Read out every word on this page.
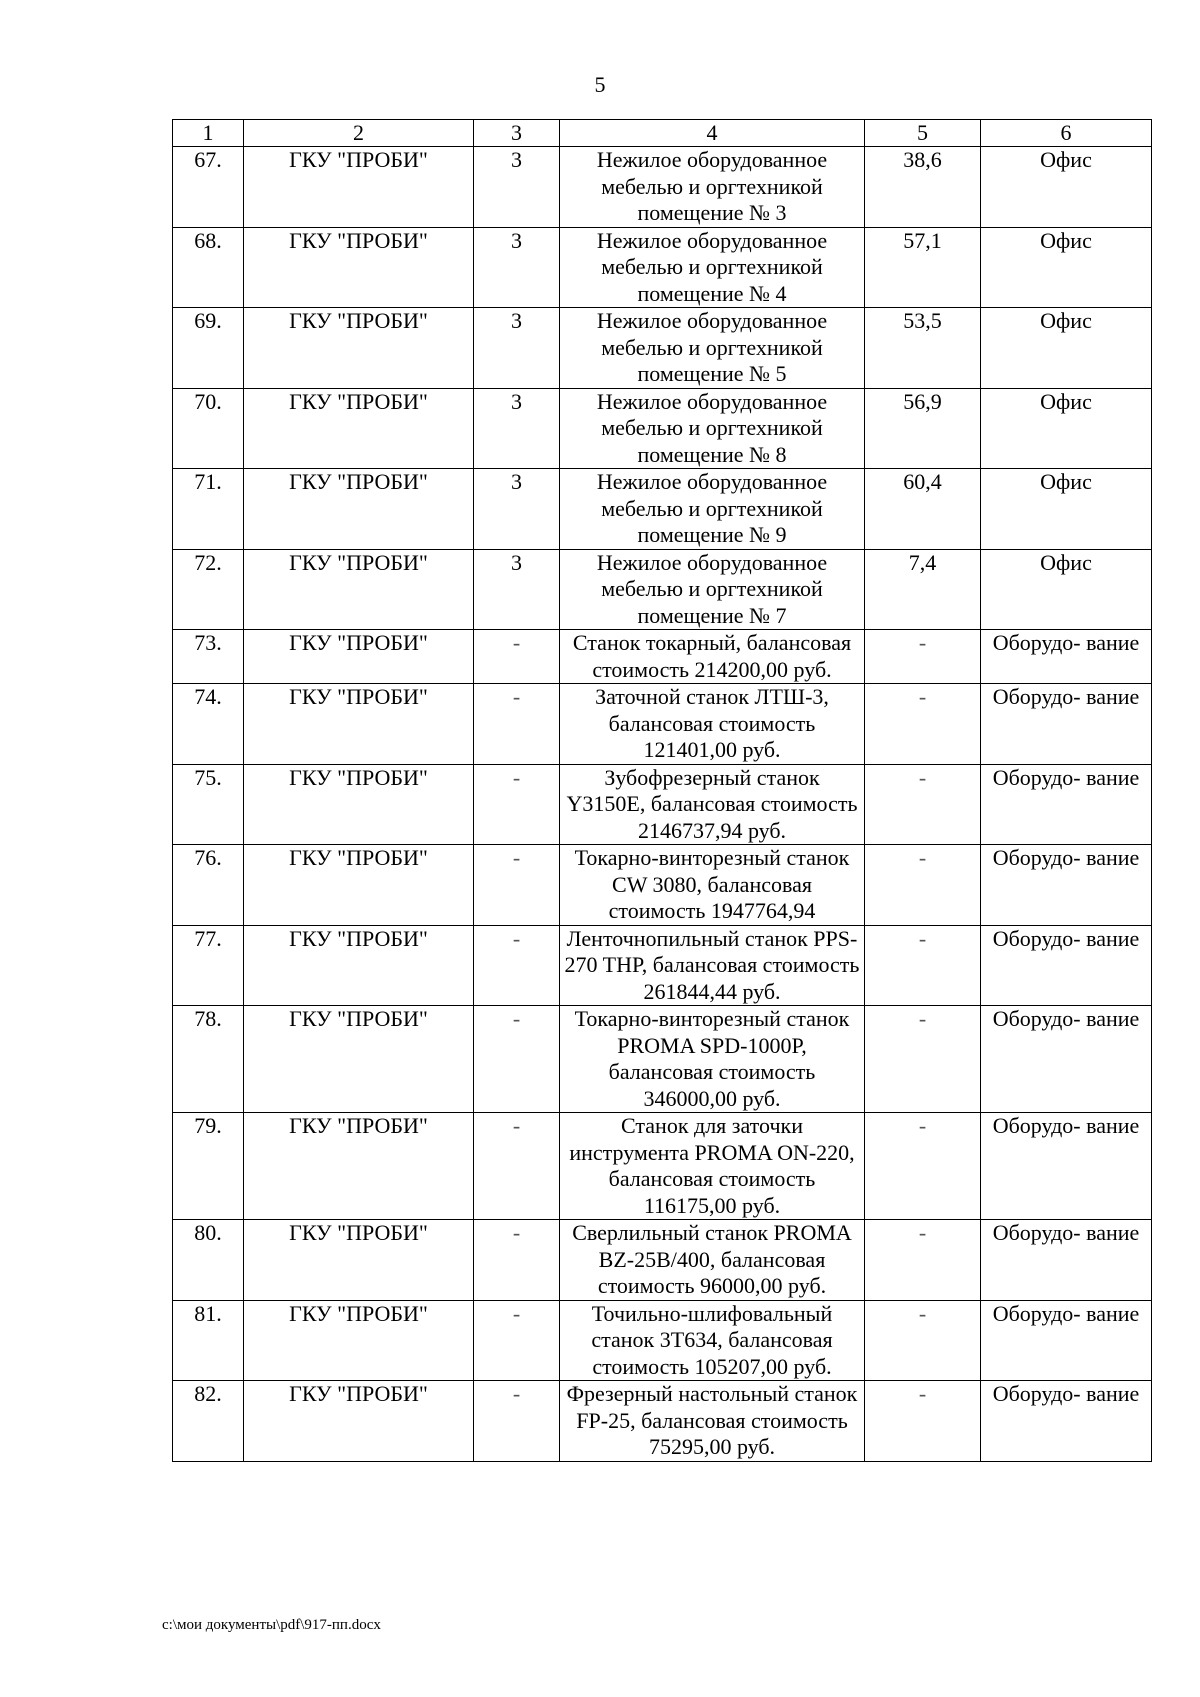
5
1	2	3	4	5	6
67.	ГКУ "ПРОБИ"	3	Нежилое оборудованное мебелью и оргтехникой помещение № 3	38,6	Офис
68.	ГКУ "ПРОБИ"	3	Нежилое оборудованное мебелью и оргтехникой помещение № 4	57,1	Офис
69.	ГКУ "ПРОБИ"	3	Нежилое оборудованное мебелью и оргтехникой помещение № 5	53,5	Офис
70.	ГКУ "ПРОБИ"	3	Нежилое оборудованное мебелью и оргтехникой помещение № 8	56,9	Офис
71.	ГКУ "ПРОБИ"	3	Нежилое оборудованное мебелью и оргтехникой помещение № 9	60,4	Офис
72.	ГКУ "ПРОБИ"	3	Нежилое оборудованное мебелью и оргтехникой помещение № 7	7,4	Офис
73.	ГКУ "ПРОБИ"	-	Станок токарный, балансовая стоимость 214200,00 руб.	-	Оборудо- вание
74.	ГКУ "ПРОБИ"	-	Заточной станок ЛТШ-3, балансовая стоимость 121401,00 руб.	-	Оборудо- вание
75.	ГКУ "ПРОБИ"	-	Зубофрезерный станок Y3150E, балансовая стоимость 2146737,94 руб.	-	Оборудо- вание
76.	ГКУ "ПРОБИ"	-	Токарно-винторезный станок CW 3080, балансовая стоимость 1947764,94	-	Оборудо- вание
77.	ГКУ "ПРОБИ"	-	Ленточнопильный станок PPS-270 THP, балансовая стоимость 261844,44 руб.	-	Оборудо- вание
78.	ГКУ "ПРОБИ"	-	Токарно-винторезный станок PROMA SPD-1000P, балансовая стоимость 346000,00 руб.	-	Оборудо- вание
79.	ГКУ "ПРОБИ"	-	Станок для заточки инструмента PROMA ON-220, балансовая стоимость 116175,00 руб.	-	Оборудо- вание
80.	ГКУ "ПРОБИ"	-	Сверлильный станок PROMA BZ-25B/400, балансовая стоимость 96000,00 руб.	-	Оборудо- вание
81.	ГКУ "ПРОБИ"	-	Точильно-шлифовальный станок 3Т634, балансовая стоимость 105207,00 руб.	-	Оборудо- вание
82.	ГКУ "ПРОБИ"	-	Фрезерный настольный станок FP-25, балансовая стоимость 75295,00 руб.	-	Оборудо- вание
c:\мои документы\pdf\917-пп.docx
